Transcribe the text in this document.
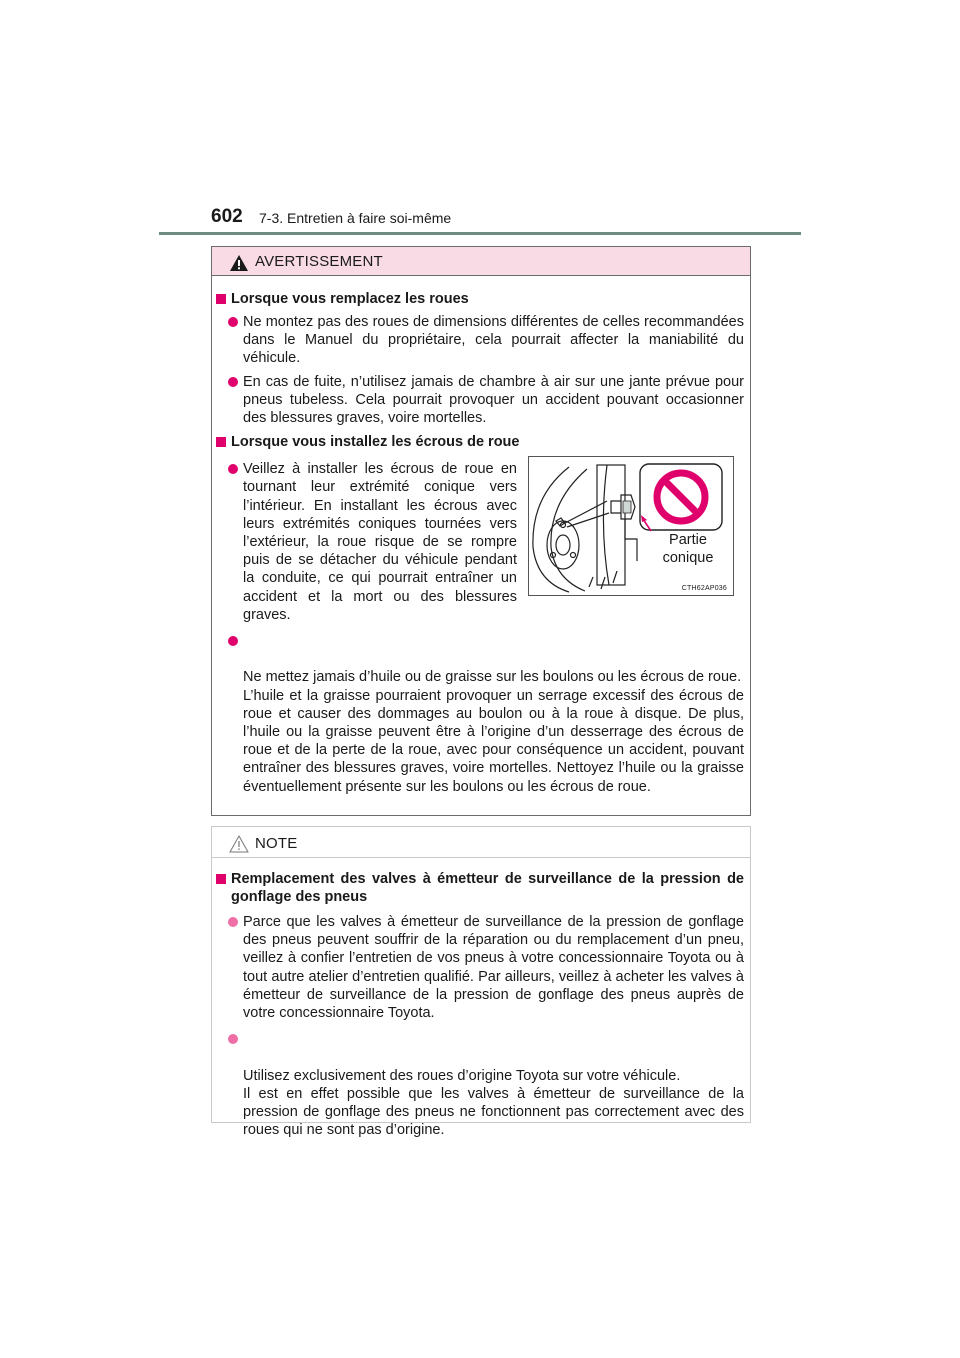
602 7-3. Entretien à faire soi-même
AVERTISSEMENT
Lorsque vous remplacez les roues
Ne montez pas des roues de dimensions différentes de celles recommandées dans le Manuel du propriétaire, cela pourrait affecter la maniabilité du véhicule.
En cas de fuite, n’utilisez jamais de chambre à air sur une jante prévue pour pneus tubeless. Cela pourrait provoquer un accident pouvant occasionner des blessures graves, voire mortelles.
Lorsque vous installez les écrous de roue
Veillez à installer les écrous de roue en tournant leur extrémité conique vers l’intérieur. En installant les écrous avec leurs extrémités coniques tournées vers l’extérieur, la roue risque de se rompre puis de se détacher du véhicule pendant la conduite, ce qui pourrait entraîner un accident et la mort ou des blessures graves.

Ne mettez jamais d’huile ou de graisse sur les boulons ou les écrous de roue.
L’huile et la graisse pourraient provoquer un serrage excessif des écrous de roue et causer des dommages au boulon ou à la roue à disque. De plus, l’huile ou la graisse peuvent être à l’origine d’un desserrage des écrous de roue et de la perte de la roue, avec pour conséquence un accident, pouvant entraîner des blessures graves, voire mortelles. Nettoyez l’huile ou la graisse éventuellement présente sur les boulons ou les écrous de roue.

Partie
conique
CTH62AP036
NOTE
Remplacement des valves à émetteur de surveillance de la pression de gonflage des pneus
Parce que les valves à émetteur de surveillance de la pression de gonflage des pneus peuvent souffrir de la réparation ou du remplacement d’un pneu, veillez à confier l’entretien de vos pneus à votre concessionnaire Toyota ou à tout autre atelier d’entretien qualifié. Par ailleurs, veillez à acheter les valves à émetteur de surveillance de la pression de gonflage des pneus auprès de votre concessionnaire Toyota.

Utilisez exclusivement des roues d’origine Toyota sur votre véhicule.
Il est en effet possible que les valves à émetteur de surveillance de la pression de gonflage des pneus ne fonctionnent pas correctement avec des roues qui ne sont pas d’origine.
